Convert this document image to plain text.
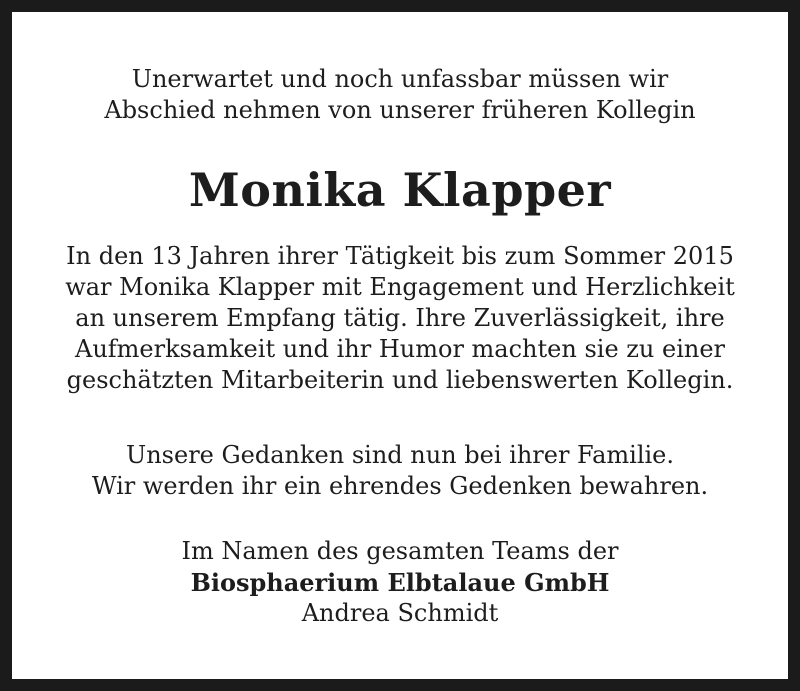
Unerwartet und noch unfassbar müssen wir
Abschied nehmen von unserer früheren Kollegin
Monika Klapper
In den 13 Jahren ihrer Tätigkeit bis zum Sommer 2015
war Monika Klapper mit Engagement und Herzlichkeit
an unserem Empfang tätig. Ihre Zuverlässigkeit, ihre
Aufmerksamkeit und ihr Humor machten sie zu einer
geschätzten Mitarbeiterin und liebenswerten Kollegin.
Unsere Gedanken sind nun bei ihrer Familie.
Wir werden ihr ein ehrendes Gedenken bewahren.
Im Namen des gesamten Teams der
Biosphaerium Elbtalaue GmbH
Andrea Schmidt
